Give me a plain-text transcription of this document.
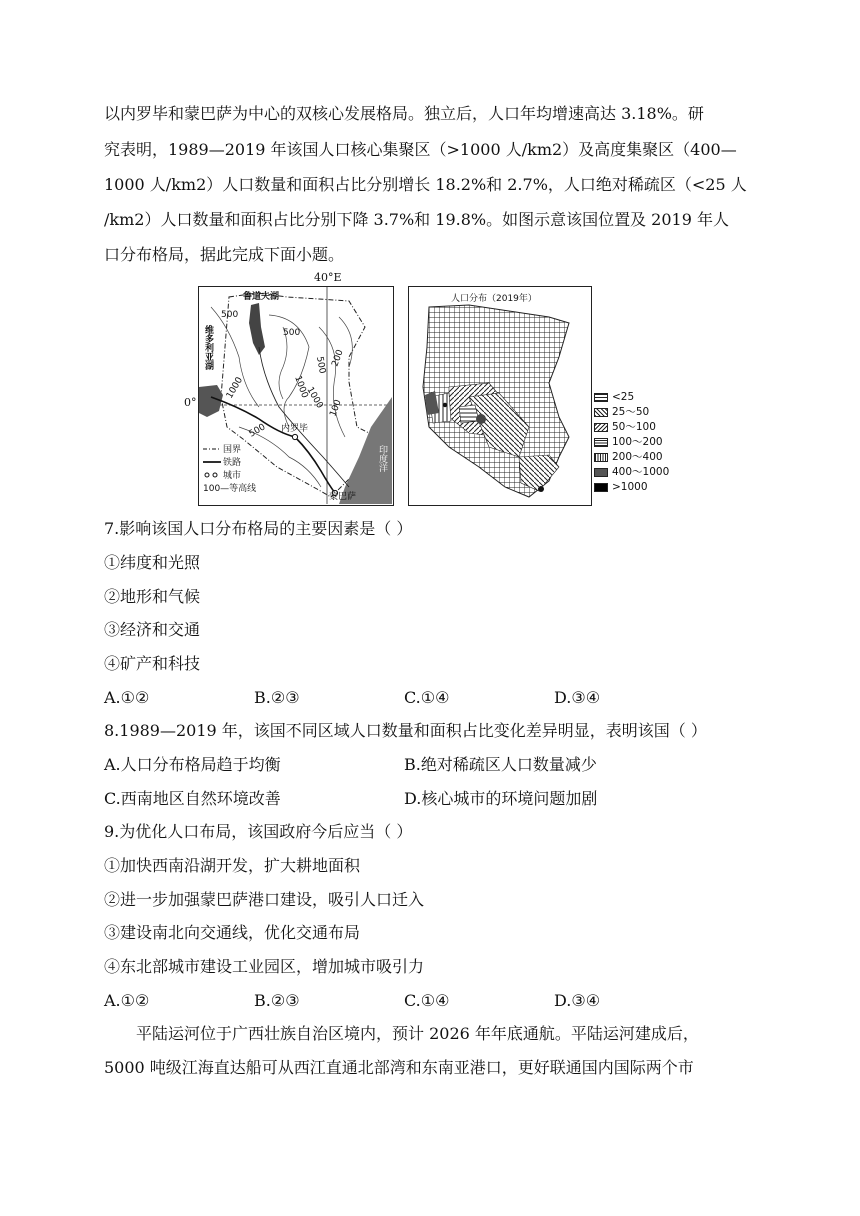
以内罗毕和蒙巴萨为中心的双核心发展格局。独立后，人口年均增速高达 3.18%。研
究表明，1989—2019 年该国人口核心集聚区（>1000 人/km2）及高度集聚区（400—
1000 人/km2）人口数量和面积占比分别增长 18.2%和 2.7%，人口绝对稀疏区（<25 人
/km2）人口数量和面积占比分别下降 3.7%和 19.8%。如图示意该国位置及 2019 年人
口分布格局，据此完成下面小题。
40°E
0°
500
500
1000
500 200
1000 100
500
1000
鲁道夫湖
内罗毕
蒙巴萨
国界
铁路
城市
100—等高线
维多利亚湖
印度洋
人口分布（2019年）
<25
25～50
50～100
100～200
200～400
400～1000
>1000
7.影响该国人口分布格局的主要因素是（ ）
①纬度和光照
②地形和气候
③经济和交通
④矿产和科技
A.①②	B.②③	C.①④	D.③④
8.1989—2019 年，该国不同区域人口数量和面积占比变化差异明显，表明该国（ ）
A.人口分布格局趋于均衡	B.绝对稀疏区人口数量减少
C.西南地区自然环境改善	D.核心城市的环境问题加剧
9.为优化人口布局，该国政府今后应当（ ）
①加快西南沿湖开发，扩大耕地面积
②进一步加强蒙巴萨港口建设，吸引人口迁入
③建设南北向交通线，优化交通布局
④东北部城市建设工业园区，增加城市吸引力
A.①②	B.②③	C.①④	D.③④
平陆运河位于广西壮族自治区境内，预计 2026 年年底通航。平陆运河建成后，
5000 吨级江海直达船可从西江直通北部湾和东南亚港口，更好联通国内国际两个市
